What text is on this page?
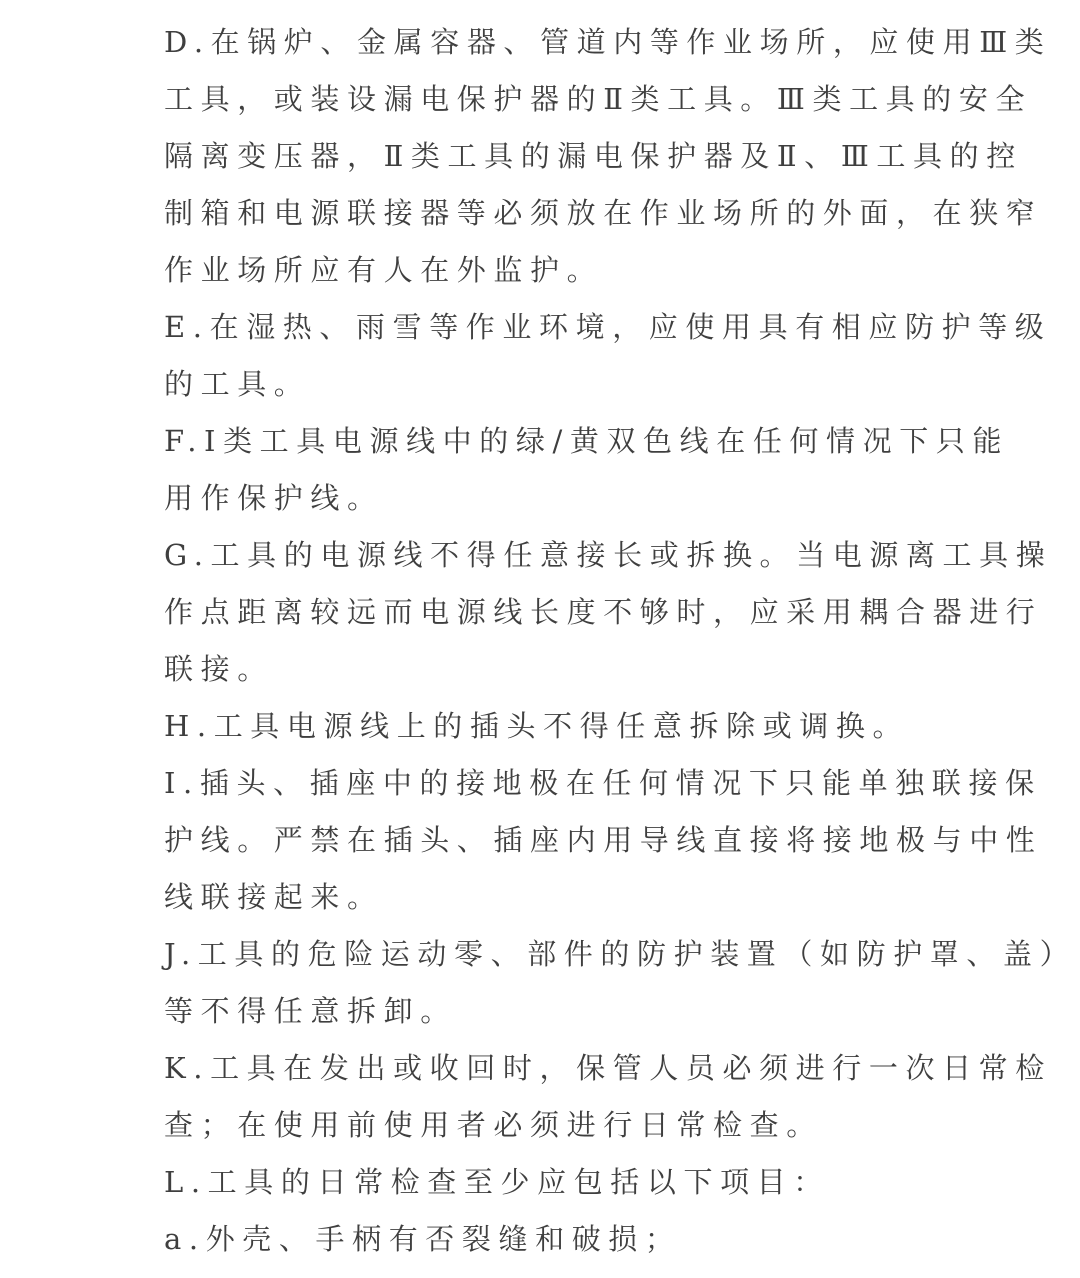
D.在锅炉、金属容器、管道内等作业场所，应使用Ⅲ类

工具，或装设漏电保护器的Ⅱ类工具。Ⅲ类工具的安全

隔离变压器，Ⅱ类工具的漏电保护器及Ⅱ、Ⅲ工具的控

制箱和电源联接器等必须放在作业场所的外面，在狭窄

作业场所应有人在外监护。

E.在湿热、雨雪等作业环境，应使用具有相应防护等级

的工具。

F.Ⅰ类工具电源线中的绿/黄双色线在任何情况下只能

用作保护线。

G.工具的电源线不得任意接长或拆换。当电源离工具操

作点距离较远而电源线长度不够时，应采用耦合器进行

联接。

H.工具电源线上的插头不得任意拆除或调换。

I.插头、插座中的接地极在任何情况下只能单独联接保

护线。严禁在插头、插座内用导线直接将接地极与中性

线联接起来。

J.工具的危险运动零、部件的防护装置（如防护罩、盖）

等不得任意拆卸。

K.工具在发出或收回时，保管人员必须进行一次日常检

查；在使用前使用者必须进行日常检查。

L.工具的日常检查至少应包括以下项目：

a.外壳、手柄有否裂缝和破损；
